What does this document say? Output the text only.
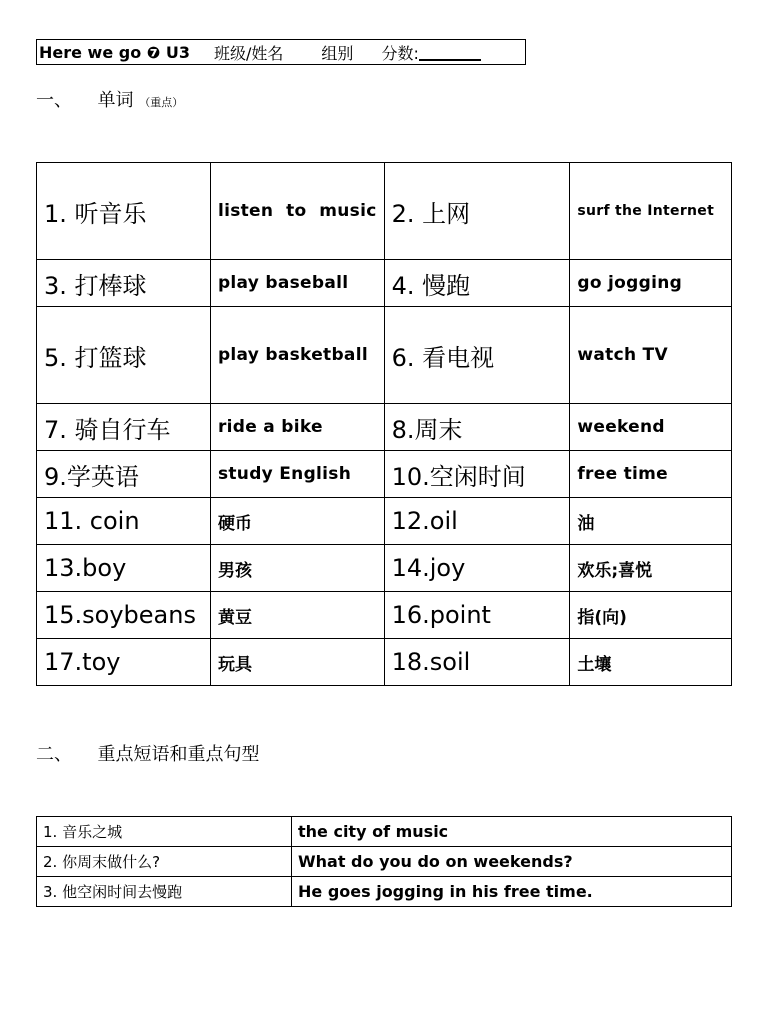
Here we go ❼ U3 班级/姓名 组别 分数:
一、 单词 （重点）
1. 听音乐	listen to music	2. 上网	surf the Internet
3. 打棒球	play baseball	4. 慢跑	go jogging
5. 打篮球	play basketball	6. 看电视	watch TV
7. 骑自行车	ride a bike	8.周末	weekend
9.学英语	study English	10.空闲时间	free time
11. coin	硬币	12.oil	油
13.boy	男孩	14.joy	欢乐;喜悦
15.soybeans	黄豆	16.point	指(向)
17.toy	玩具	18.soil	土壤
二、 重点短语和重点句型
1. 音乐之城	the city of music
2. 你周末做什么?	What do you do on weekends?
3. 他空闲时间去慢跑	He goes jogging in his free time.
